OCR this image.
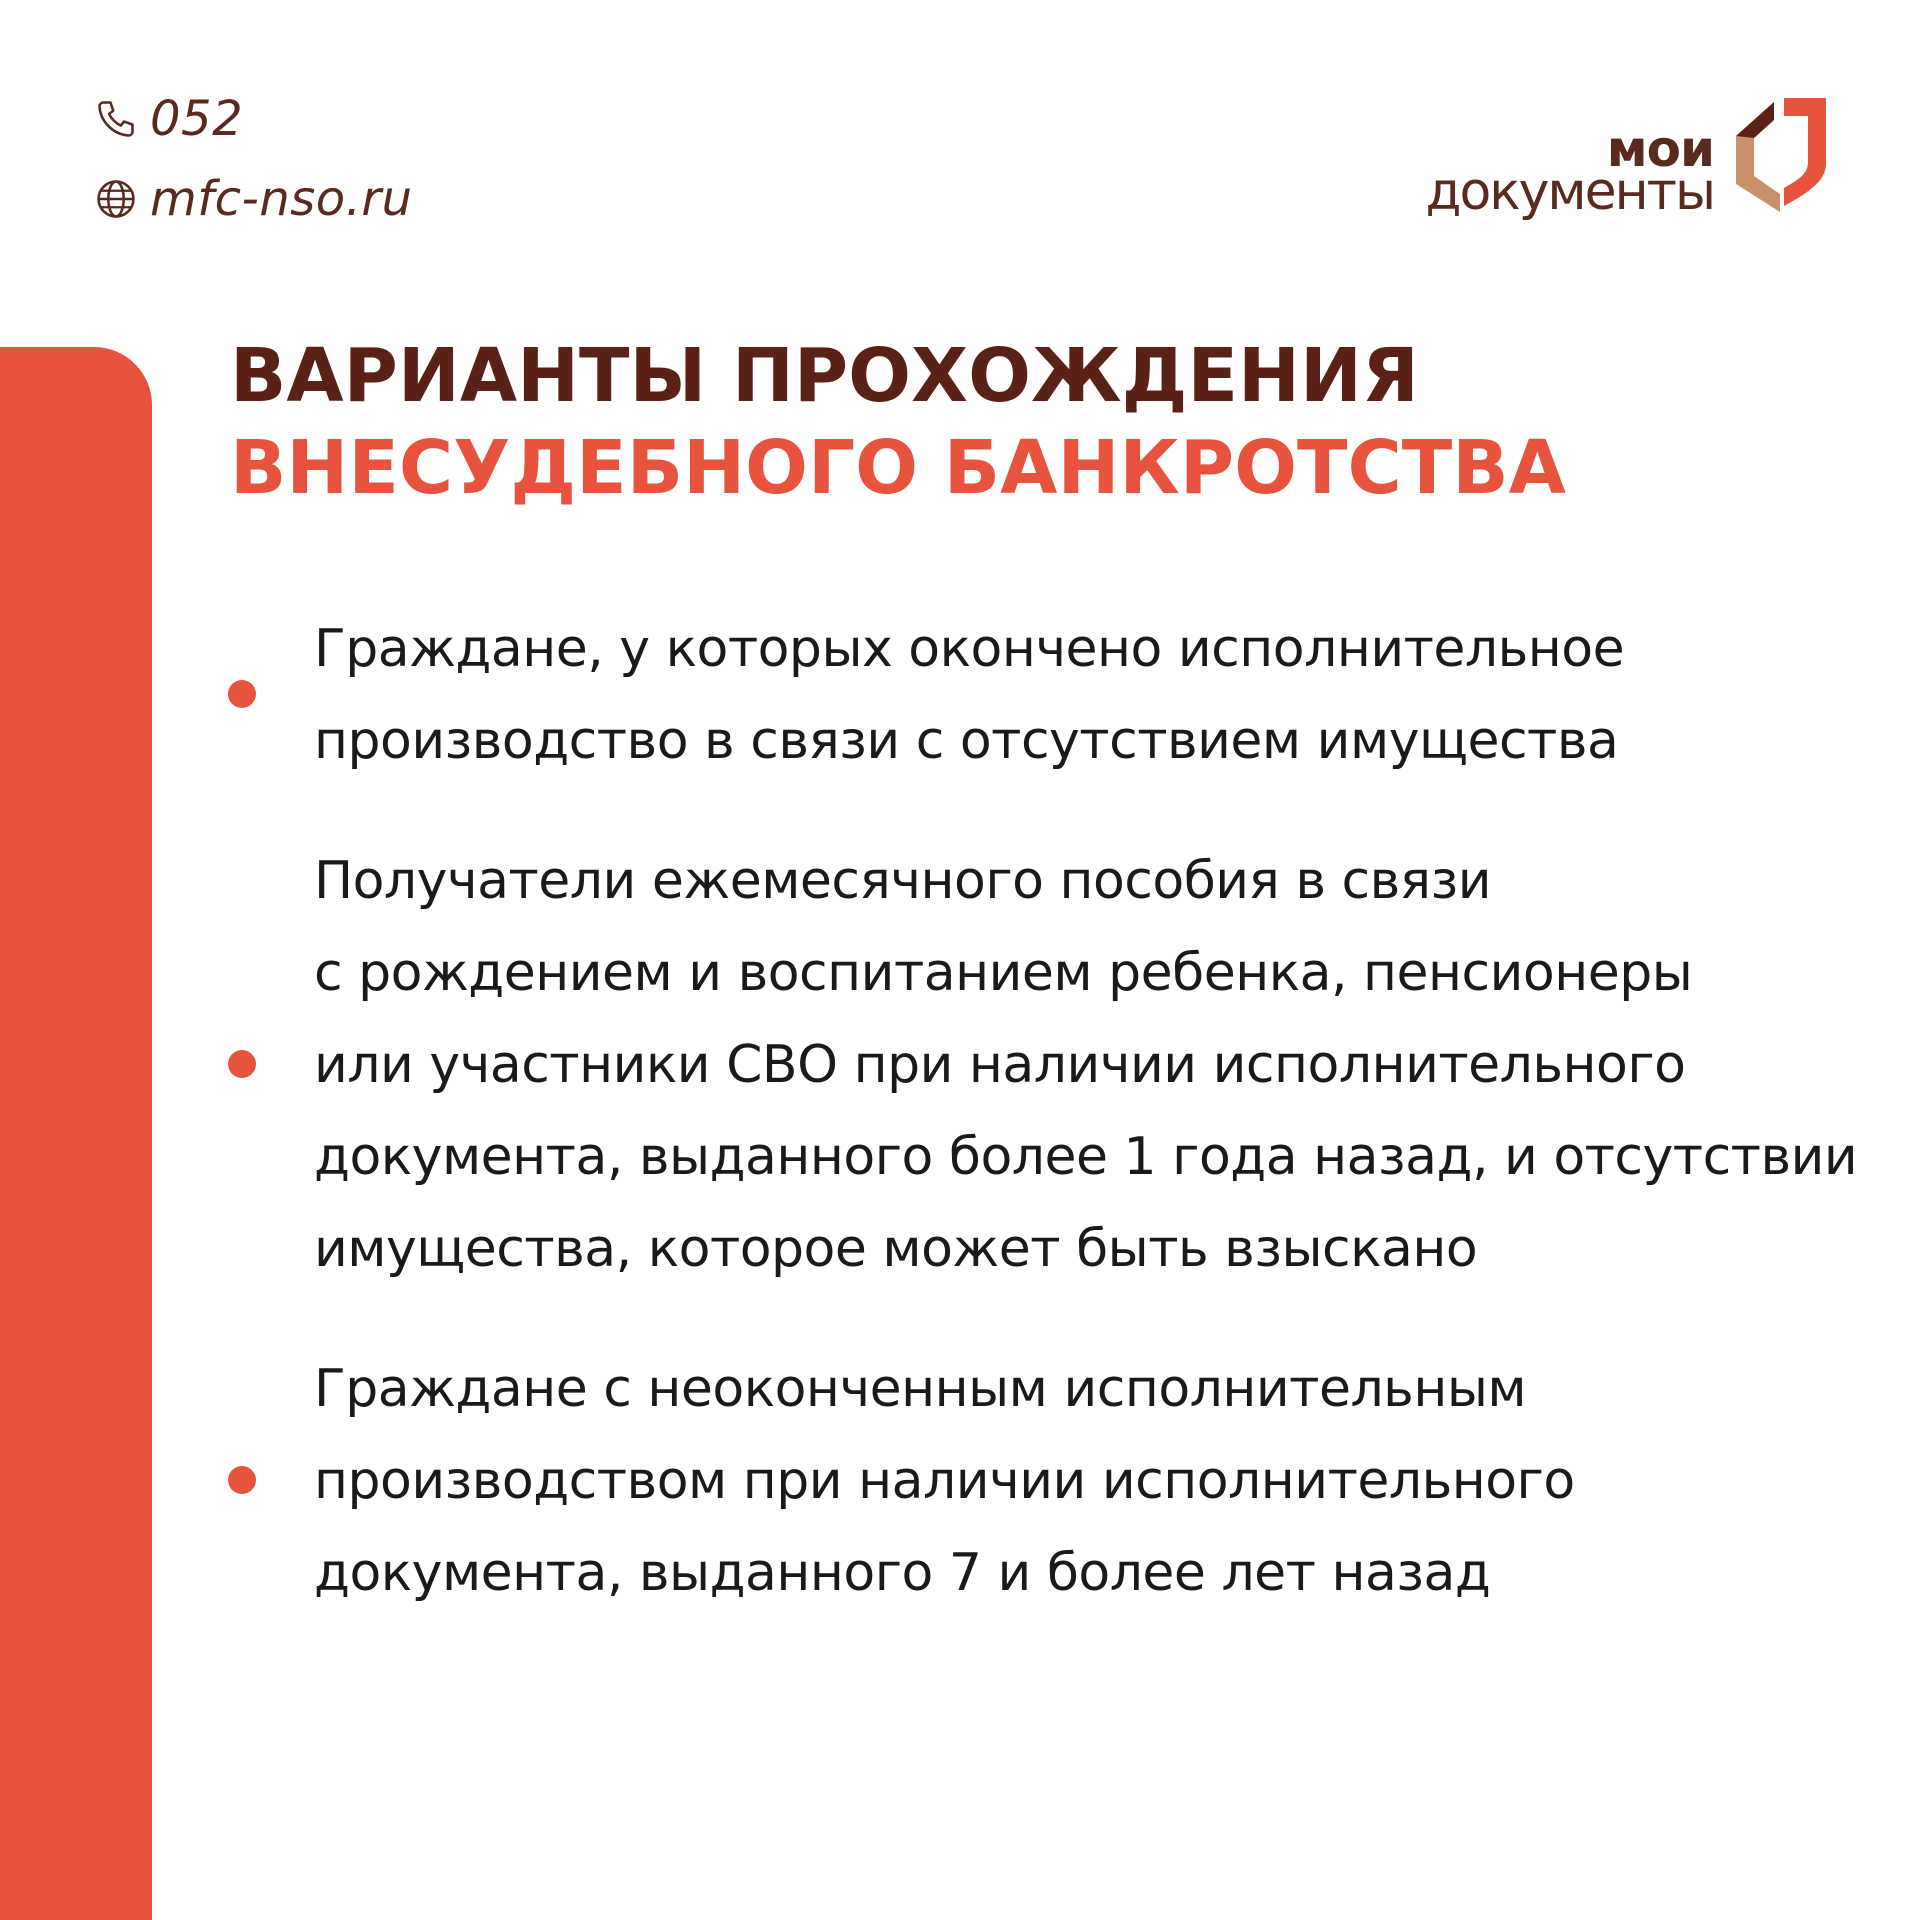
052
mfc-nso.ru
мои
документы
ВАРИАНТЫ ПРОХОЖДЕНИЯ
ВНЕСУДЕБНОГО БАНКРОТСТВА
Граждане, у которых окончено исполнительное
производство в связи с отсутствием имущества
Получатели ежемесячного пособия в связи
с рождением и воспитанием ребенка, пенсионеры
или участники СВО при наличии исполнительного
документа, выданного более 1 года назад, и отсутствии
имущества, которое может быть взыскано
Граждане с неоконченным исполнительным
производством при наличии исполнительного
документа, выданного 7 и более лет назад
